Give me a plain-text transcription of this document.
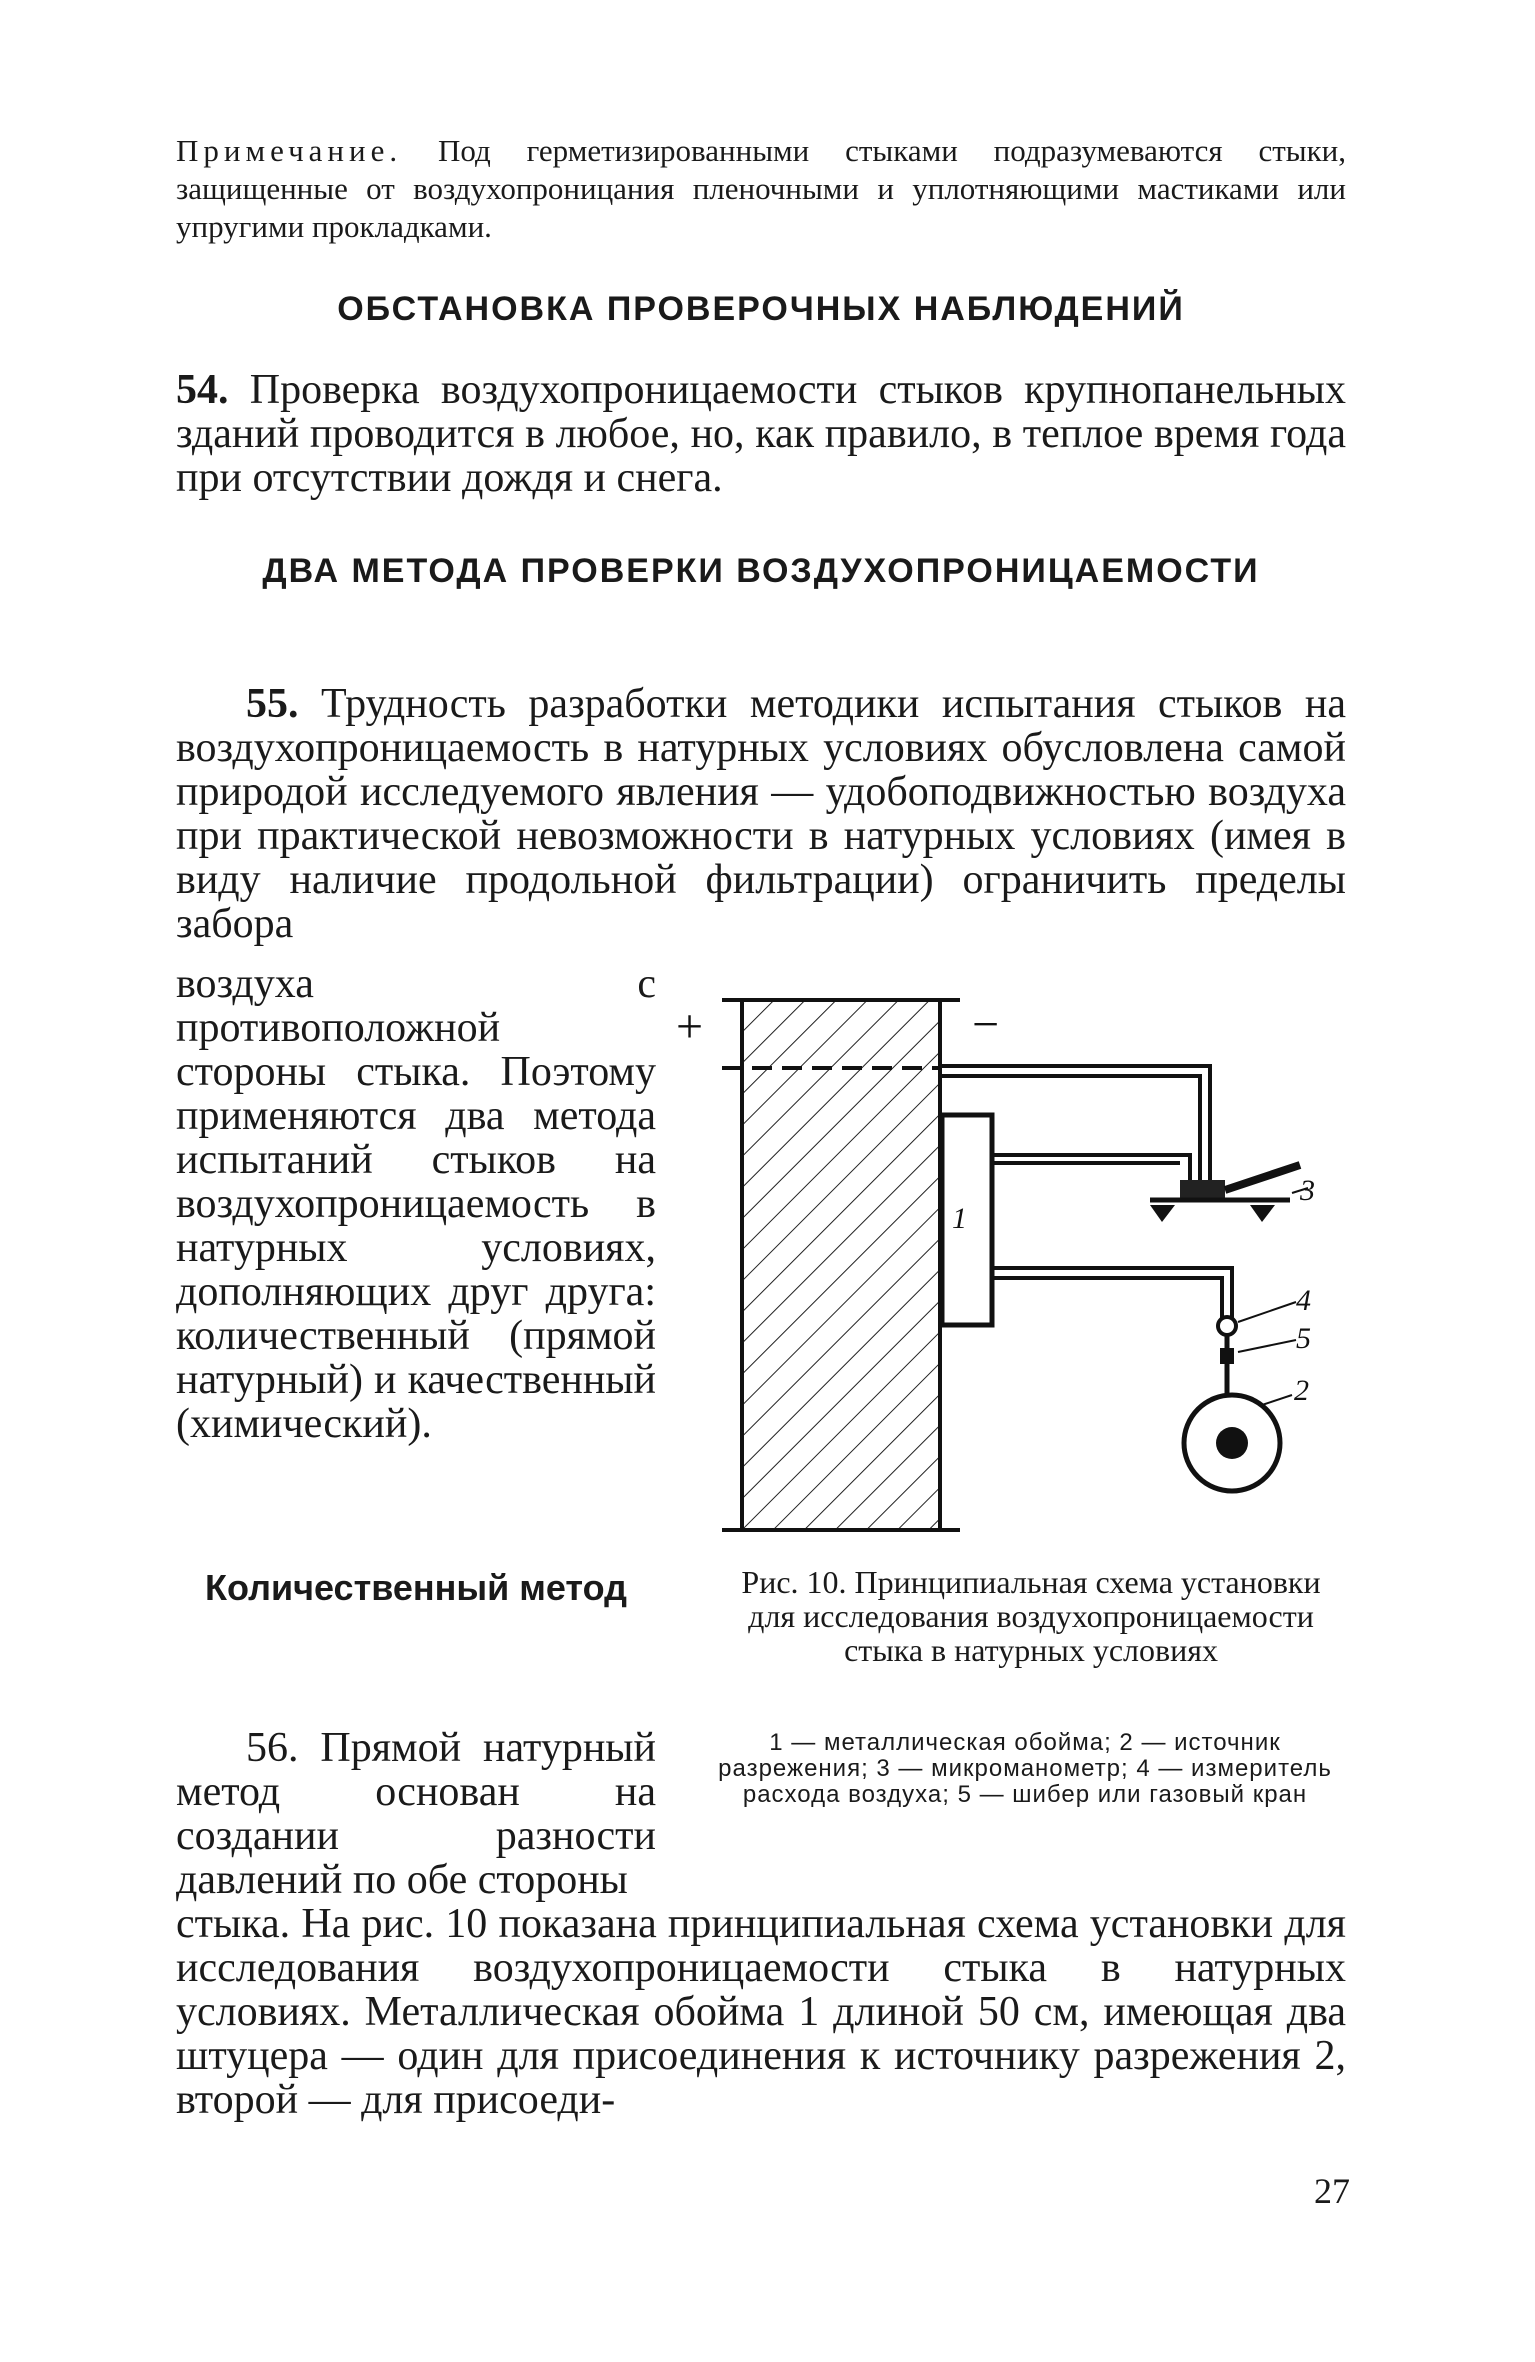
Примечание. Под герметизированными стыками подразумеваются стыки, защищенные от воздухопроницания пленочными и уплотняющими мастиками или упругими прокладками.
ОБСТАНОВКА ПРОВЕРОЧНЫХ НАБЛЮДЕНИЙ
54. Проверка воздухопроницаемости стыков крупнопанельных зданий проводится в любое, но, как правило, в теплое время года при отсутствии дождя и снега.
ДВА МЕТОДА ПРОВЕРКИ ВОЗДУХОПРОНИЦАЕМОСТИ
55. Трудность разработки методики испытания стыков на воздухопроницаемость в натурных условиях обусловлена самой природой исследуемого явления — удобоподвижностью воздуха при практической невозможности в натурных условиях (имея в виду наличие продольной фильтрации) ограничить пределы забора
воздуха с противоположной стороны стыка. Поэтому применяются два метода испытаний стыков на воздухопроницаемость в натурных условиях, дополняющих друг друга: количественный (прямой натурный) и качественный (химический).
+	−
1
2
3
4
5
Количественный метод	Рис. 10. Принципиальная схема установки для исследования воздухопроницаемости стыка в натурных условиях
1 — металлическая обойма; 2 — источник разрежения; 3 — микроманометр; 4 — измеритель расхода воздуха; 5 — шибер или газовый кран
56. Прямой натурный метод основан на создании разности давлений по обе стороны
стыка. На рис. 10 показана принципиальная схема установки для исследования воздухопроницаемости стыка в натурных условиях. Металлическая обойма 1 длиной 50 см, имеющая два штуцера — один для присоединения к источнику разрежения 2, второй — для присоеди-
27
